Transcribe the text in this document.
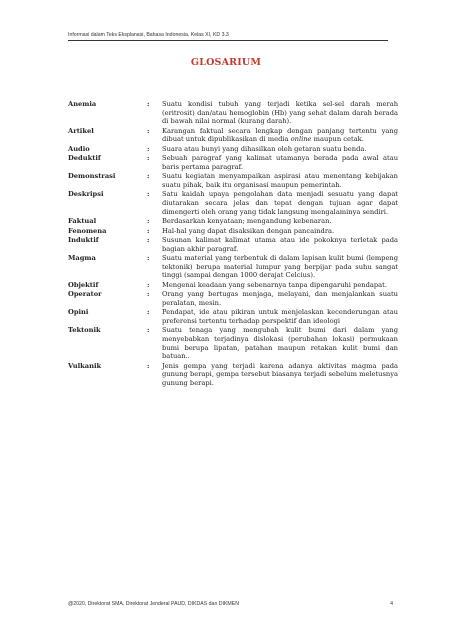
Informasi dalam Teks Eksplanasi, Bahasa Indonesia, Kelas XI, KD 3.3
GLOSARIUM
Anemia	:	Suatu kondisi tubuh yang terjadi ketika sel-sel darah merah (eritrosit) dan/atau hemoglobin (Hb) yang sehat dalam darah berada di bawah nilai normal (kurang darah).
Artikel	:	Karangan faktual secara lengkap dengan panjang tertentu yang dibuat untuk dipublikasikan di media online maupun cetak.
Audio	:	Suara atau bunyi yang dihasilkan oleh getaran suatu benda.
Deduktif	:	Sebuah paragraf yang kalimat utamanya berada pada awal atau baris pertama paragraf.
Demonstrasi	:	Suatu kegiatan menyampaikan aspirasi atau menentang kebijakan suatu pihak, baik itu organisasi maupun pemerintah.
Deskripsi	:	Satu kaidah upaya pengolahan data menjadi sesuatu yang dapat diutarakan secara jelas dan tepat dengan tujuan agar dapat dimengerti oleh orang yang tidak langsung mengalaminya sendiri.
Faktual	:	Berdasarkan kenyataan; mengandung kebenaran.
Fenomena	:	Hal-hal yang dapat disaksikan dengan pancaindra.
Induktif	:	Susunan kalimat kalimat utama atau ide pokoknya terletak pada bagian akhir paragraf.
Magma	:	Suatu material yang terbentuk di dalam lapisan kulit bumi (lempeng tektonik) berupa material lumpur yang berpijar pada suhu sangat tinggi (sampai dengan 1000 derajat Celcius).
Objektif	:	Mengenai keadaan yang sebenarnya tanpa dipengaruhi pendapat.
Operator	:	Orang yang bertugas menjaga, melayani, dan menjalankan suatu peralatan, mesin.
Opini	:	Pendapat, ide atau pikiran untuk menjelaskan kecenderungan atau preferensi tertentu terhadap perspektif dan ideologi
Tektonik	:	Suatu tenaga yang mengubah kulit bumi dari dalam yang menyebabkan terjadinya dislokasi (perubahan lokasi) permukaan bumi berupa lipatan, patahan maupun retakan kulit bumi dan batuan..
Vulkanik	:	Jenis gempa yang terjadi karena adanya aktivitas magma pada gunung berapi, gempa tersebut biasanya terjadi sebelum meletusnya gunung berapi.
@2020, Direktorat SMA, Direktorat Jenderal PAUD, DIKDAS dan DIKMEN	4
